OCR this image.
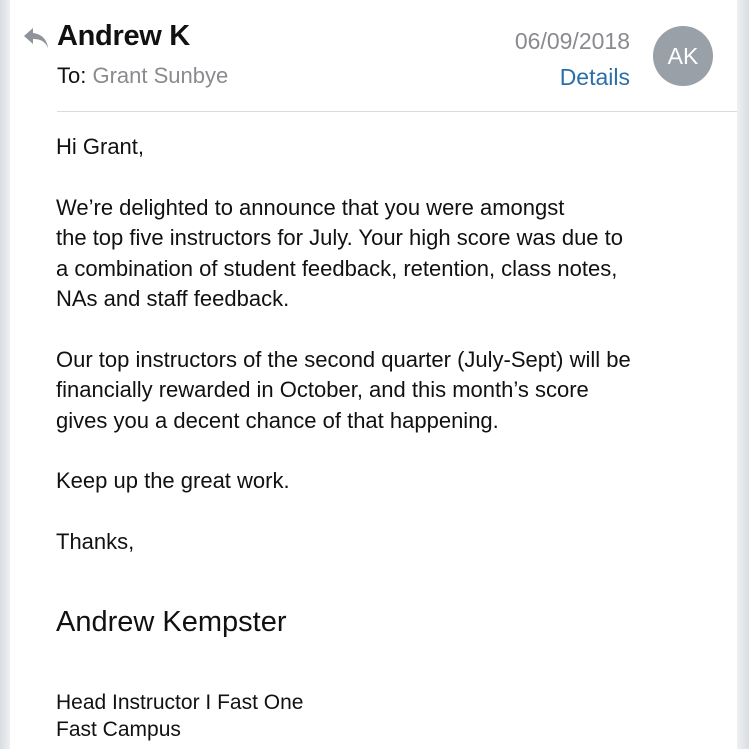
Andrew K
To: Grant Sunbye
06/09/2018
Details
AK

Hi Grant,

We’re delighted to announce that you were amongst
the top five instructors for July. Your high score was due to
a combination of student feedback, retention, class notes,
NAs and staff feedback.

Our top instructors of the second quarter (July-Sept) will be
financially rewarded in October, and this month’s score
gives you a decent chance of that happening.

Keep up the great work.

Thanks,

Andrew Kempster
Head Instructor I Fast One
Fast Campus
